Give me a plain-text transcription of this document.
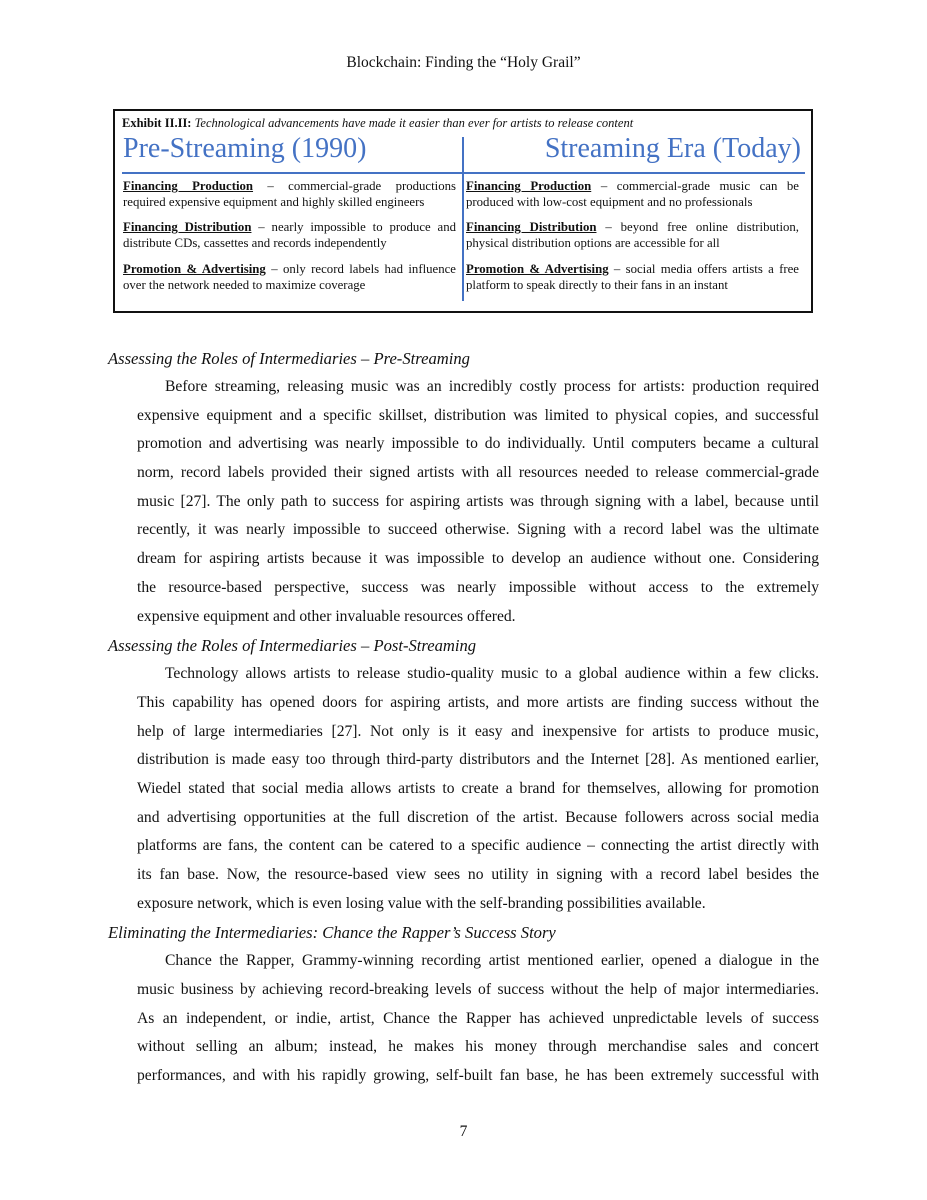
Blockchain: Finding the “Holy Grail”
Exhibit II.II: Technological advancements have made it easier than ever for artists to release content
Pre-Streaming (1990)	Streaming Era (Today)
Financing Production – commercial-grade productions required expensive equipment and highly skilled engineers
Financing Distribution – nearly impossible to produce and distribute CDs, cassettes and records independently
Promotion & Advertising – only record labels had influence over the network needed to maximize coverage
Financing Production – commercial-grade music can be produced with low-cost equipment and no professionals
Financing Distribution – beyond free online distribution, physical distribution options are accessible for all
Promotion & Advertising – social media offers artists a free platform to speak directly to their fans in an instant
Assessing the Roles of Intermediaries – Pre-Streaming
Before streaming, releasing music was an incredibly costly process for artists: production required
expensive equipment and a specific skillset, distribution was limited to physical copies, and successful
promotion and advertising was nearly impossible to do individually. Until computers became a cultural
norm, record labels provided their signed artists with all resources needed to release commercial-grade
music [27]. The only path to success for aspiring artists was through signing with a label, because until
recently, it was nearly impossible to succeed otherwise. Signing with a record label was the ultimate
dream for aspiring artists because it was impossible to develop an audience without one. Considering
the resource-based perspective, success was nearly impossible without access to the extremely
expensive equipment and other invaluable resources offered.
Assessing the Roles of Intermediaries – Post-Streaming
Technology allows artists to release studio-quality music to a global audience within a few clicks.
This capability has opened doors for aspiring artists, and more artists are finding success without the
help of large intermediaries [27]. Not only is it easy and inexpensive for artists to produce music,
distribution is made easy too through third-party distributors and the Internet [28]. As mentioned earlier,
Wiedel stated that social media allows artists to create a brand for themselves, allowing for promotion
and advertising opportunities at the full discretion of the artist. Because followers across social media
platforms are fans, the content can be catered to a specific audience – connecting the artist directly with
its fan base. Now, the resource-based view sees no utility in signing with a record label besides the
exposure network, which is even losing value with the self-branding possibilities available.
Eliminating the Intermediaries: Chance the Rapper’s Success Story
Chance the Rapper, Grammy-winning recording artist mentioned earlier, opened a dialogue in the
music business by achieving record-breaking levels of success without the help of major intermediaries.
As an independent, or indie, artist, Chance the Rapper has achieved unpredictable levels of success
without selling an album; instead, he makes his money through merchandise sales and concert
performances, and with his rapidly growing, self-built fan base, he has been extremely successful with
7
